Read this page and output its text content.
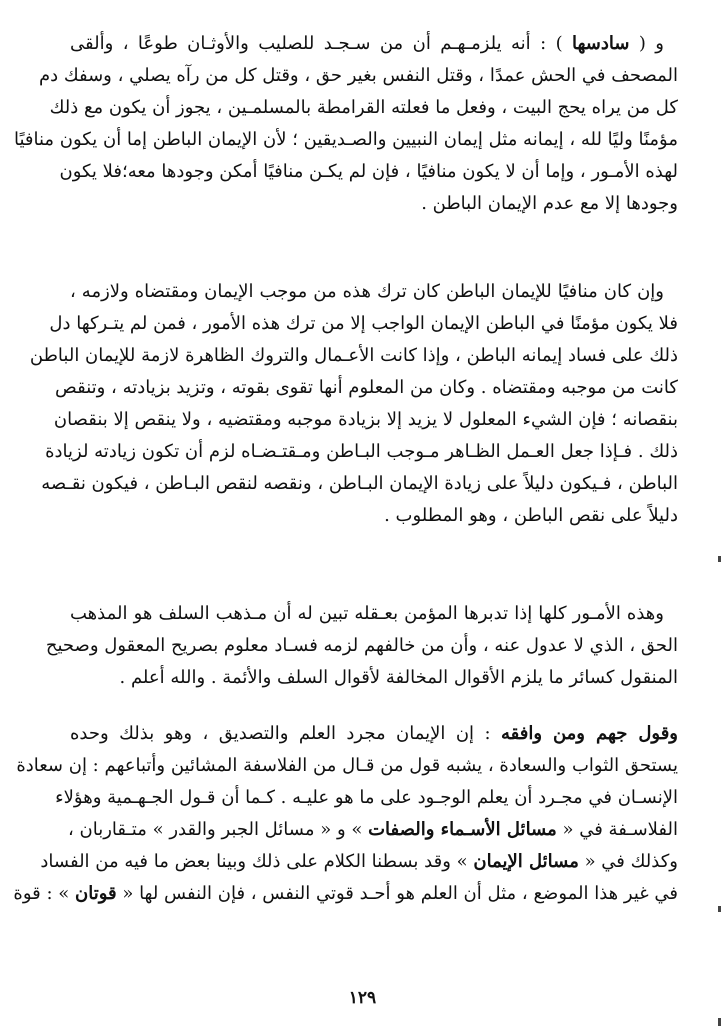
و ( سادسها ) : أنه يلزمـهـم أن من سـجـد للصليب والأوثـان طوعًا ، وألقى
المصحف في الحش عمدًا ، وقتل النفس بغير حق ، وقتل كل من رآه يصلي ، وسفك دم
كل من يراه يحج البيت ، وفعل ما فعلته القرامطة بالمسلمـين ، يجوز أن يكون مع ذلك
مؤمنًا وليًا لله ، إيمانه مثل إيمان النبيين والصـديقين ؛ لأن الإيمان الباطن إما أن يكون منافيًا
لهذه الأمـور ، وإما أن لا يكون منافيًا ، فإن لم يكـن منافيًا أمكن وجودها معه؛فلا يكون
وجودها إلا مع عدم الإيمان الباطن .
وإن كان منافيًا للإيمان الباطن كان ترك هذه من موجب الإيمان ومقتضاه ولازمه ،
فلا يكون مؤمنًا في الباطن الإيمان الواجب إلا من ترك هذه الأمور ، فمن لم يتـركها دل
ذلك على فساد إيمانه الباطن ، وإذا كانت الأعـمال والتروك الظاهرة لازمة للإيمان الباطن
كانت من موجبه ومقتضاه . وكان من المعلوم أنها تقوى بقوته ، وتزيد بزيادته ، وتنقص
بنقصانه ؛ فإن الشيء المعلول لا يزيد إلا بزيادة موجبه ومقتضيه ، ولا ينقص إلا بنقصان
ذلك . فـإذا جعل العـمل الظـاهر مـوجب البـاطن ومـقتـضـاه لزم أن تكون زيادته لزيادة
الباطن ، فـيكون دليلاً على زيادة الإيمان البـاطن ، ونقصه لنقص البـاطن ، فيكون نقـصه
دليلاً على نقص الباطن ، وهو المطلوب .
وهذه الأمـور كلها إذا تدبرها المؤمن بعـقله تبين له أن مـذهب السلف هو المذهب
الحق ، الذي لا عدول عنه ، وأن من خالفهم لزمه فسـاد معلوم بصريح المعقول وصحيح
المنقول كسائر ما يلزم الأقوال المخالفة لأقوال السلف والأئمة . والله أعلم .
وقول جهم ومن وافقه : إن الإيمان مجرد العلم والتصديق ، وهو بذلك وحده
يستحق الثواب والسعادة ، يشبه قول من قـال من الفلاسفة المشائين وأتباعهم : إن سعادة
الإنسـان في مجـرد أن يعلم الوجـود على ما هو عليـه . كـما أن قـول الجـهـمية وهؤلاء
الفلاسـفة في « مسائل الأسـماء والصفات » و « مسائل الجبر والقدر » متـقاربان ،
وكذلك في « مسائل الإيمان » وقد بسطنا الكلام على ذلك وبينا بعض ما فيه من الفساد
في غير هذا الموضع ، مثل أن العلم هو أحـد قوتي النفس ، فإن النفس لها « قوتان » : قوة
١٢٩
